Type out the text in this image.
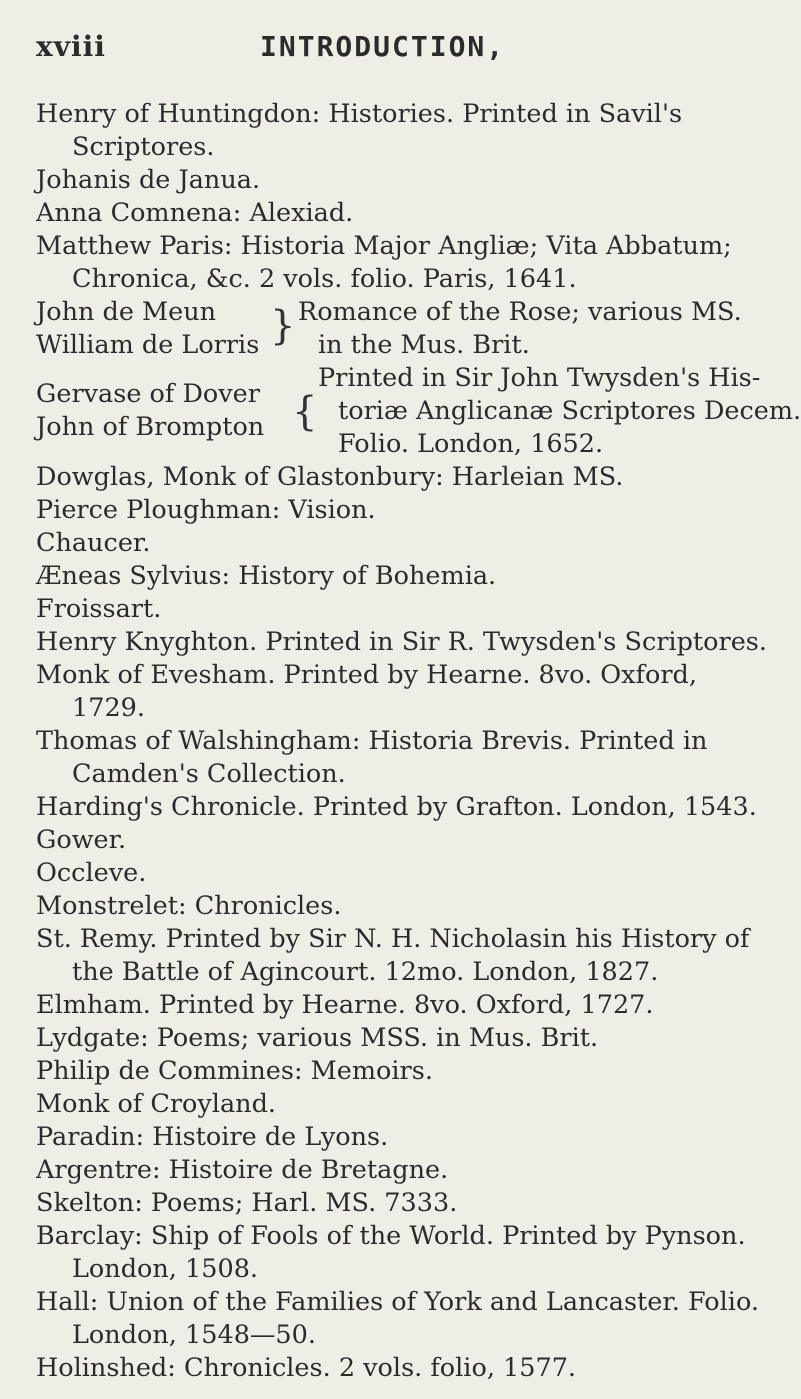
xviii	INTRODUCTION,

Henry of Huntingdon: Histories. Printed in Savil's Scriptores.

Johanis de Janua.

Anna Comnena: Alexiad.

Matthew Paris: Historia Major Angliæ; Vita Abbatum; Chronica, &c. 2 vols. folio. Paris, 1641.

John de Meun
William de Lorris } Romance of the Rose; various MS.
in the Mus. Brit.
Gervase of Dover
John of Brompton {
Printed in Sir John Twysden's His-
toriæ Anglicanæ Scriptores Decem.
Folio. London, 1652.

Dowglas, Monk of Glastonbury: Harleian MS.

Pierce Ploughman: Vision.

Chaucer.

Æneas Sylvius: History of Bohemia.

Froissart.

Henry Knyghton. Printed in Sir R. Twysden's Scriptores.

Monk of Evesham. Printed by Hearne. 8vo. Oxford, 1729.

Thomas of Walshingham: Historia Brevis. Printed in Camden's Collection.

Harding's Chronicle. Printed by Grafton. London, 1543.

Gower.

Occleve.

Monstrelet: Chronicles.

St. Remy. Printed by Sir N. H. Nicholasin his History of the Battle of Agincourt. 12mo. London, 1827.

Elmham. Printed by Hearne. 8vo. Oxford, 1727.

Lydgate: Poems; various MSS. in Mus. Brit.

Philip de Commines: Memoirs.

Monk of Croyland.

Paradin: Histoire de Lyons.

Argentre: Histoire de Bretagne.

Skelton: Poems; Harl. MS. 7333.

Barclay: Ship of Fools of the World. Printed by Pynson. London, 1508.

Hall: Union of the Families of York and Lancaster. Folio. London, 1548—50.

Holinshed: Chronicles. 2 vols. folio, 1577.
